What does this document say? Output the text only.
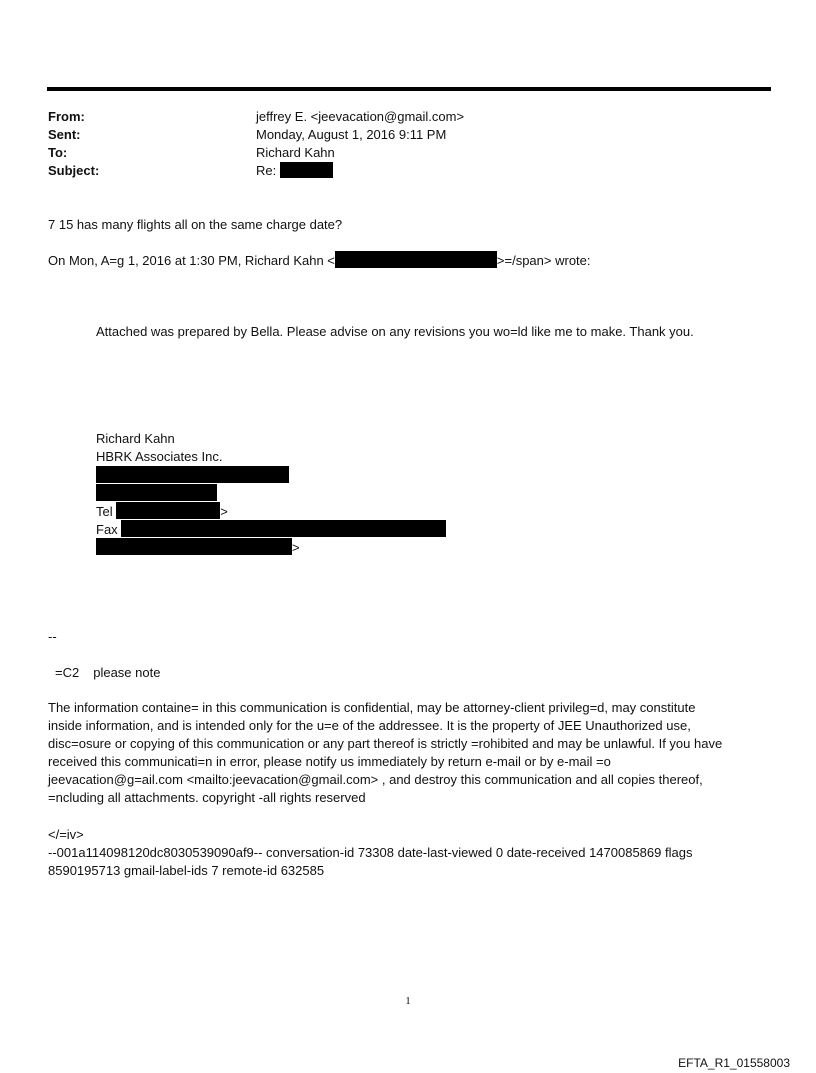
From:	jeffrey E. <jeevacation@gmail.com>
Sent:	Monday, August 1, 2016 9:11 PM
To:	Richard Kahn
Subject:	Re:

7 15 has many flights all on the same charge date?

On Mon, A=g 1, 2016 at 1:30 PM, Richard Kahn <	>=/span> wrote:

Attached was prepared by Bella. Please advise on any revisions you wo=ld like me to make. Thank you.

Richard Kahn
HBRK Associates Inc.
Tel	>
Fax
>

--

=C2 please note

The information containe= in this communication is confidential, may be attorney-client privileg=d, may constitute
inside information, and is intended only for the u=e of the addressee. It is the property of JEE Unauthorized use,
disc=osure or copying of this communication or any part thereof is strictly =rohibited and may be unlawful. If you have
received this communicati=n in error, please notify us immediately by return e-mail or by e-mail =o
jeevacation@g=ail.com <mailto:jeevacation@gmail.com> , and destroy this communication and all copies thereof,
=ncluding all attachments. copyright -all rights reserved
</=iv>
--001a114098120dc8030539090af9-- conversation-id 73308 date-last-viewed 0 date-received 1470085869 flags
8590195713 gmail-label-ids 7 remote-id 632585
1
EFTA_R1_01558003
